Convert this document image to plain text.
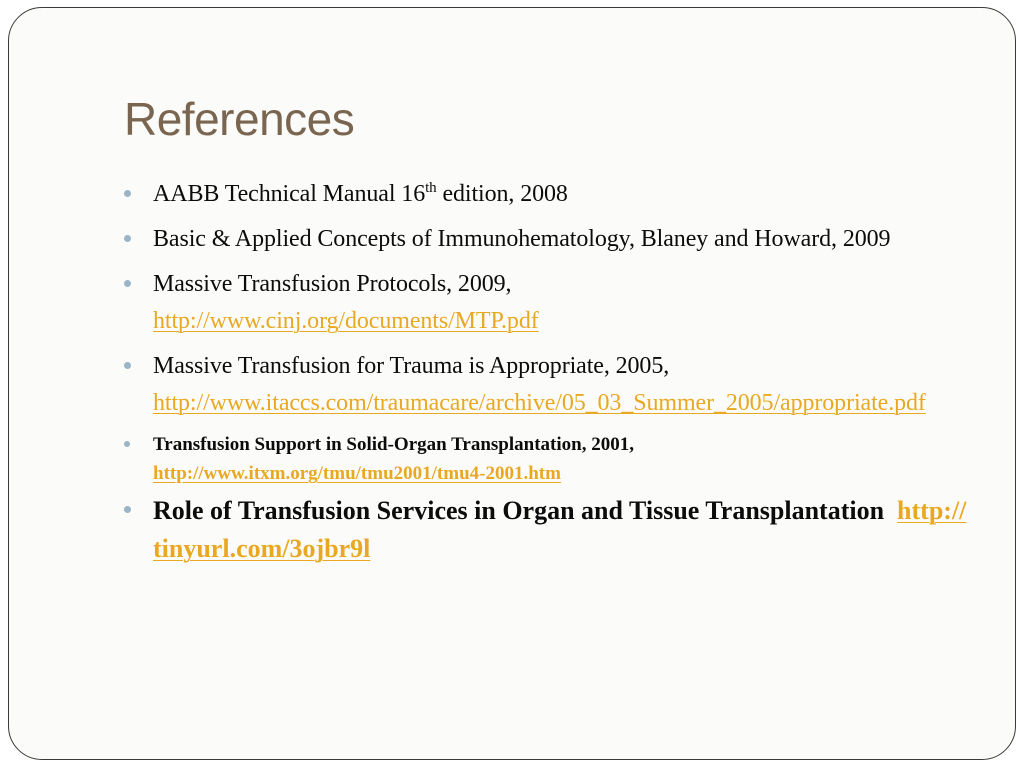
References
AABB Technical Manual 16th edition, 2008
Basic & Applied Concepts of Immunohematology, Blaney and Howard, 2009
Massive Transfusion Protocols, 2009,
http://www.cinj.org/documents/MTP.pdf
Massive Transfusion for Trauma is Appropriate, 2005,
http://www.itaccs.com/traumacare/archive/05_03_Summer_2005/appropriate.pdf
Transfusion Support in Solid-Organ Transplantation, 2001,
http://www.itxm.org/tmu/tmu2001/tmu4-2001.htm
Role of Transfusion Services in Organ and Tissue Transplantation http://tinyurl.com/3ojbr9l
